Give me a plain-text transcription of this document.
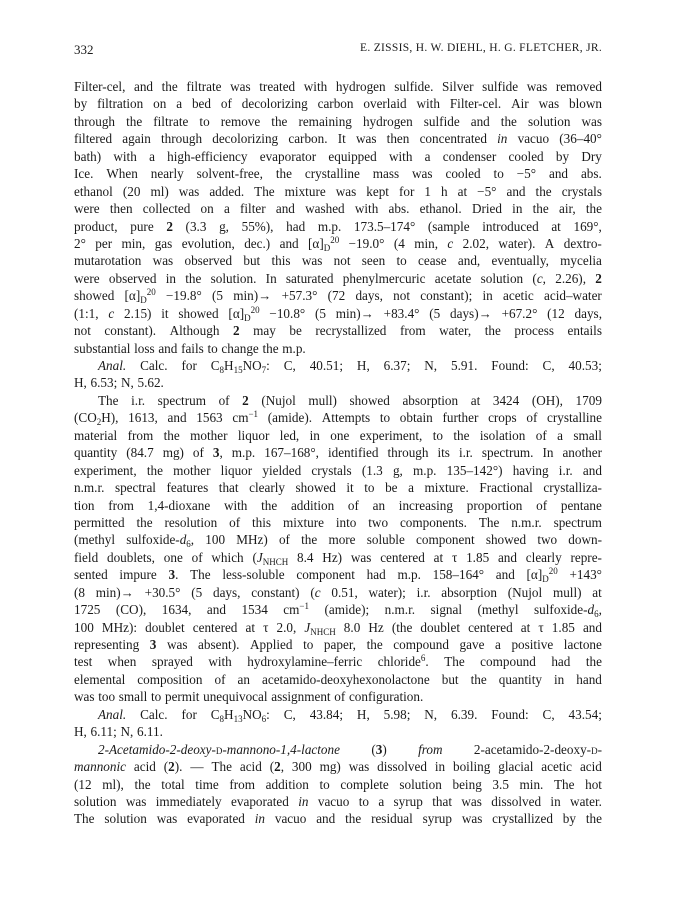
332	E. ZISSIS, H. W. DIEHL, H. G. FLETCHER, JR.
Filter-cel, and the filtrate was treated with hydrogen sulfide. Silver sulfide was removed
by filtration on a bed of decolorizing carbon overlaid with Filter-cel. Air was blown
through the filtrate to remove the remaining hydrogen sulfide and the solution was
filtered again through decolorizing carbon. It was then concentrated in vacuo (36–40°
bath) with a high-efficiency evaporator equipped with a condenser cooled by Dry
Ice. When nearly solvent-free, the crystalline mass was cooled to −5° and abs.
ethanol (20 ml) was added. The mixture was kept for 1 h at −5° and the crystals
were then collected on a filter and washed with abs. ethanol. Dried in the air, the
product, pure 2 (3.3 g, 55%), had m.p. 173.5–174° (sample introduced at 169°,
2° per min, gas evolution, dec.) and $[\alpha]_D^{20} -19.0^\circ$ (4 min, c 2.02, water). A dextro-
mutarotation was observed but this was not seen to cease and, eventually, mycelia
were observed in the solution. In saturated phenylmercuric acetate solution (c, 2.26), 2
showed $[\alpha]_D^{20} -19.8^\circ$ (5 min)→ +57.3° (72 days, not constant); in acetic acid–water
(1:1, c 2.15) it showed $[\alpha]_D^{20} -10.8^\circ$ (5 min)→ +83.4° (5 days)→ +67.2° (12 days,
not constant). Although 2 may be recrystallized from water, the process entails
substantial loss and fails to change the m.p.
Anal. Calc. for $C_8H_{15}NO_7$: C, 40.51; H, 6.37; N, 5.91. Found: C, 40.53;
H, 6.53; N, 5.62.
The i.r. spectrum of 2 (Nujol mull) showed absorption at 3424 (OH), 1709
$(CO_2H)$, 1613, and 1563 $cm^{-1}$ (amide). Attempts to obtain further crops of crystalline
material from the mother liquor led, in one experiment, to the isolation of a small
quantity (84.7 mg) of 3, m.p. 167–168°, identified through its i.r. spectrum. In another
experiment, the mother liquor yielded crystals (1.3 g, m.p. 135–142°) having i.r. and
n.m.r. spectral features that clearly showed it to be a mixture. Fractional crystalliza-
tion from 1,4-dioxane with the addition of an increasing proportion of pentane
permitted the resolution of this mixture into two components. The n.m.r. spectrum
(methyl sulfoxide-$d_6$, 100 MHz) of the more soluble component showed two down-
field doublets, one of which ($J_{NHCH}$ 8.4 Hz) was centered at τ 1.85 and clearly repre-
sented impure 3. The less-soluble component had m.p. 158–164° and $[\alpha]_D^{20} +143^\circ$
(8 min)→ +30.5° (5 days, constant) (c 0.51, water); i.r. absorption (Nujol mull) at
1725 (CO), 1634, and 1534 $cm^{-1}$ (amide); n.m.r. signal (methyl sulfoxide-$d_6$,
100 MHz): doublet centered at τ 2.0, $J_{NHCH}$ 8.0 Hz (the doublet centered at τ 1.85 and
representing 3 was absent). Applied to paper, the compound gave a positive lactone
test when sprayed with hydroxylamine–ferric chloride$^6$. The compound had the
elemental composition of an acetamido-deoxyhexonolactone but the quantity in hand
was too small to permit unequivocal assignment of configuration.
Anal. Calc. for $C_8H_{13}NO_6$: C, 43.84; H, 5.98; N, 6.39. Found: C, 43.54;
H, 6.11; N, 6.11.
2-Acetamido-2-deoxy-d-mannono-1,4-lactone (3) from 2-acetamido-2-deoxy-d-
mannonic acid (2). — The acid (2, 300 mg) was dissolved in boiling glacial acetic acid
(12 ml), the total time from addition to complete solution being 3.5 min. The hot
solution was immediately evaporated in vacuo to a syrup that was dissolved in water.
The solution was evaporated in vacuo and the residual syrup was crystallized by the
